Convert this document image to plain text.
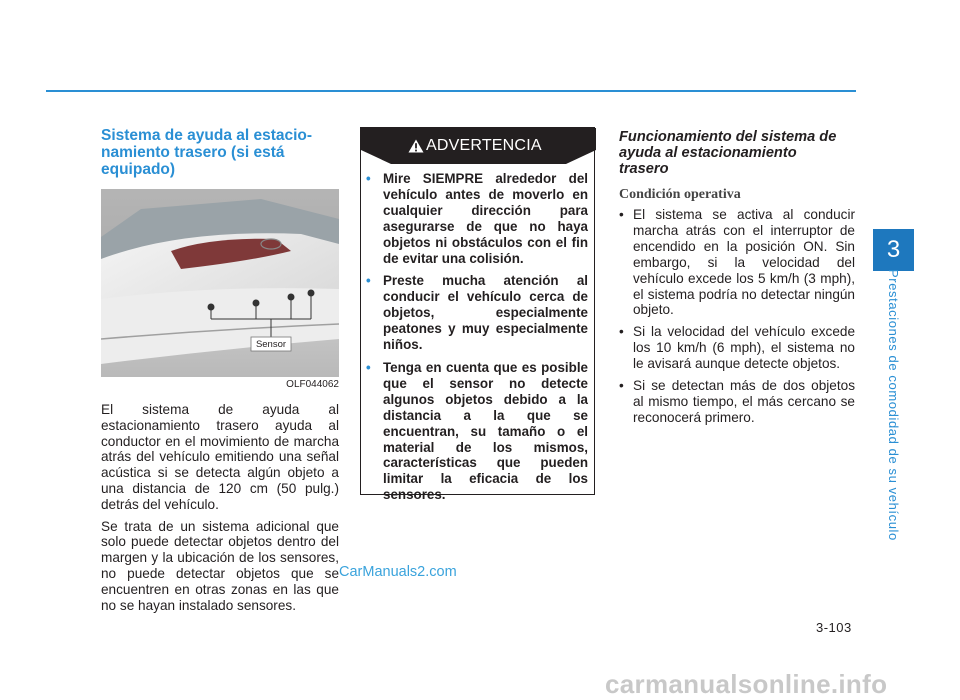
3
Prestaciones de comodidad de su vehículo
Sistema de ayuda al estacio-
namiento trasero (si está
equipado)
Sensor
OLF044062

El sistema de ayuda al estacionamiento trasero ayuda al conductor en el movimiento de marcha atrás del vehículo emitiendo una señal acústica si se detecta algún objeto a una distancia de 120 cm (50 pulg.) detrás del vehículo.

Se trata de un sistema adicional que solo puede detectar objetos dentro del margen y la ubicación de los sensores, no puede detectar objetos que se encuentren en otras zonas en las que no se hayan instalado sensores.

ADVERTENCIA
• Mire SIEMPRE alrededor del vehículo antes de moverlo en cualquier dirección para asegurarse de que no haya objetos ni obstáculos con el fin de evitar una colisión.
• Preste mucha atención al conducir el vehículo cerca de objetos, especialmente peatones y muy especialmente niños.
• Tenga en cuenta que es posible que el sensor no detecte algunos objetos debido a la distancia a la que se encuentran, su tamaño o el material de los mismos, características que pueden limitar la eficacia de los sensores.
Funcionamiento del sistema de
ayuda al estacionamiento
trasero
Condición operativa
• El sistema se activa al conducir marcha atrás con el interruptor de encendido en la posición ON. Sin embargo, si la velocidad del vehículo excede los 5 km/h (3 mph), el sistema podría no detectar ningún objeto.
• Si la velocidad del vehículo excede los 10 km/h (6 mph), el sistema no le avisará aunque detecte objetos.
• Si se detectan más de dos objetos al mismo tiempo, el más cercano se reconocerá primero.
3-103
CarManuals2.com
carmanualsonline.info
